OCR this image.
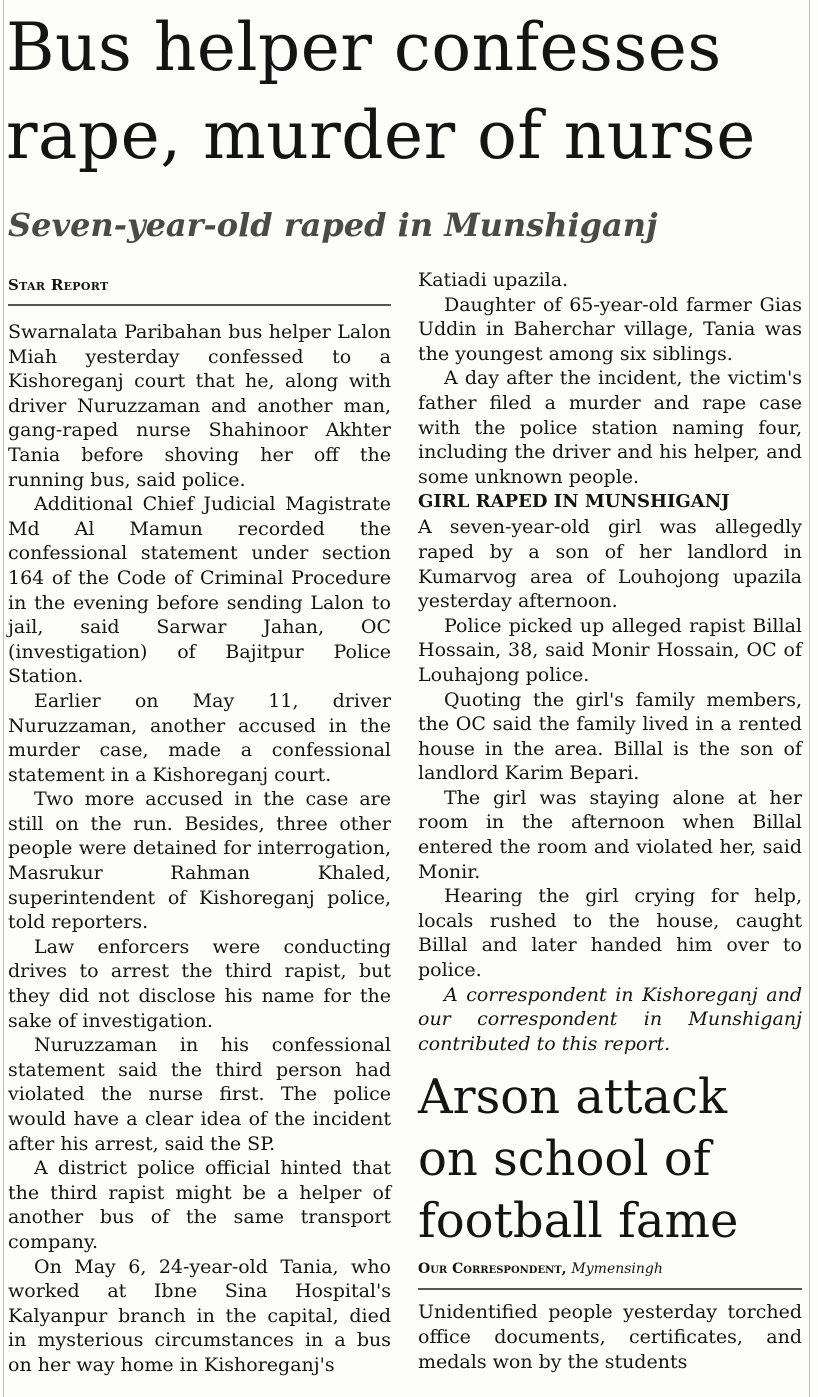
Bus helper confesses rape, murder of nurse
Seven-year-old raped in Munshiganj
Star Report

Swarnalata Paribahan bus helper Lalon Miah yesterday confessed to a Kishoreganj court that he, along with driver Nuruzzaman and another man, gang-raped nurse Shahinoor Akhter Tania before shoving her off the running bus, said police.

Additional Chief Judicial Magistrate Md Al Mamun recorded the confessional statement under section 164 of the Code of Criminal Procedure in the evening before sending Lalon to jail, said Sarwar Jahan, OC (investigation) of Bajitpur Police Station.

Earlier on May 11, driver Nuruzzaman, another accused in the murder case, made a confessional statement in a Kishoreganj court.

Two more accused in the case are still on the run. Besides, three other people were detained for interrogation, Masrukur Rahman Khaled, superintendent of Kishoreganj police, told reporters.

Law enforcers were conducting drives to arrest the third rapist, but they did not disclose his name for the sake of investigation.

Nuruzzaman in his confessional statement said the third person had violated the nurse first. The police would have a clear idea of the incident after his arrest, said the SP.

A district police official hinted that the third rapist might be a helper of another bus of the same transport company.

On May 6, 24-year-old Tania, who worked at Ibne Sina Hospital's Kalyanpur branch in the capital, died in mysterious circumstances in a bus on her way home in Kishoreganj's

Katiadi upazila.

Daughter of 65-year-old farmer Gias Uddin in Baherchar village, Tania was the youngest among six siblings.

A day after the incident, the victim's father filed a murder and rape case with the police station naming four, including the driver and his helper, and some unknown people.

GIRL RAPED IN MUNSHIGANJ

A seven-year-old girl was allegedly raped by a son of her landlord in Kumarvog area of Louhojong upazila yesterday afternoon.

Police picked up alleged rapist Billal Hossain, 38, said Monir Hossain, OC of Louhajong police.

Quoting the girl's family members, the OC said the family lived in a rented house in the area. Billal is the son of landlord Karim Bepari.

The girl was staying alone at her room in the afternoon when Billal entered the room and violated her, said Monir.

Hearing the girl crying for help, locals rushed to the house, caught Billal and later handed him over to police.

A correspondent in Kishoreganj and our correspondent in Munshiganj contributed to this report.

Arson attack on school of football fame
Our Correspondent, Mymensingh

Unidentified people yesterday torched office documents, certificates, and medals won by the students
